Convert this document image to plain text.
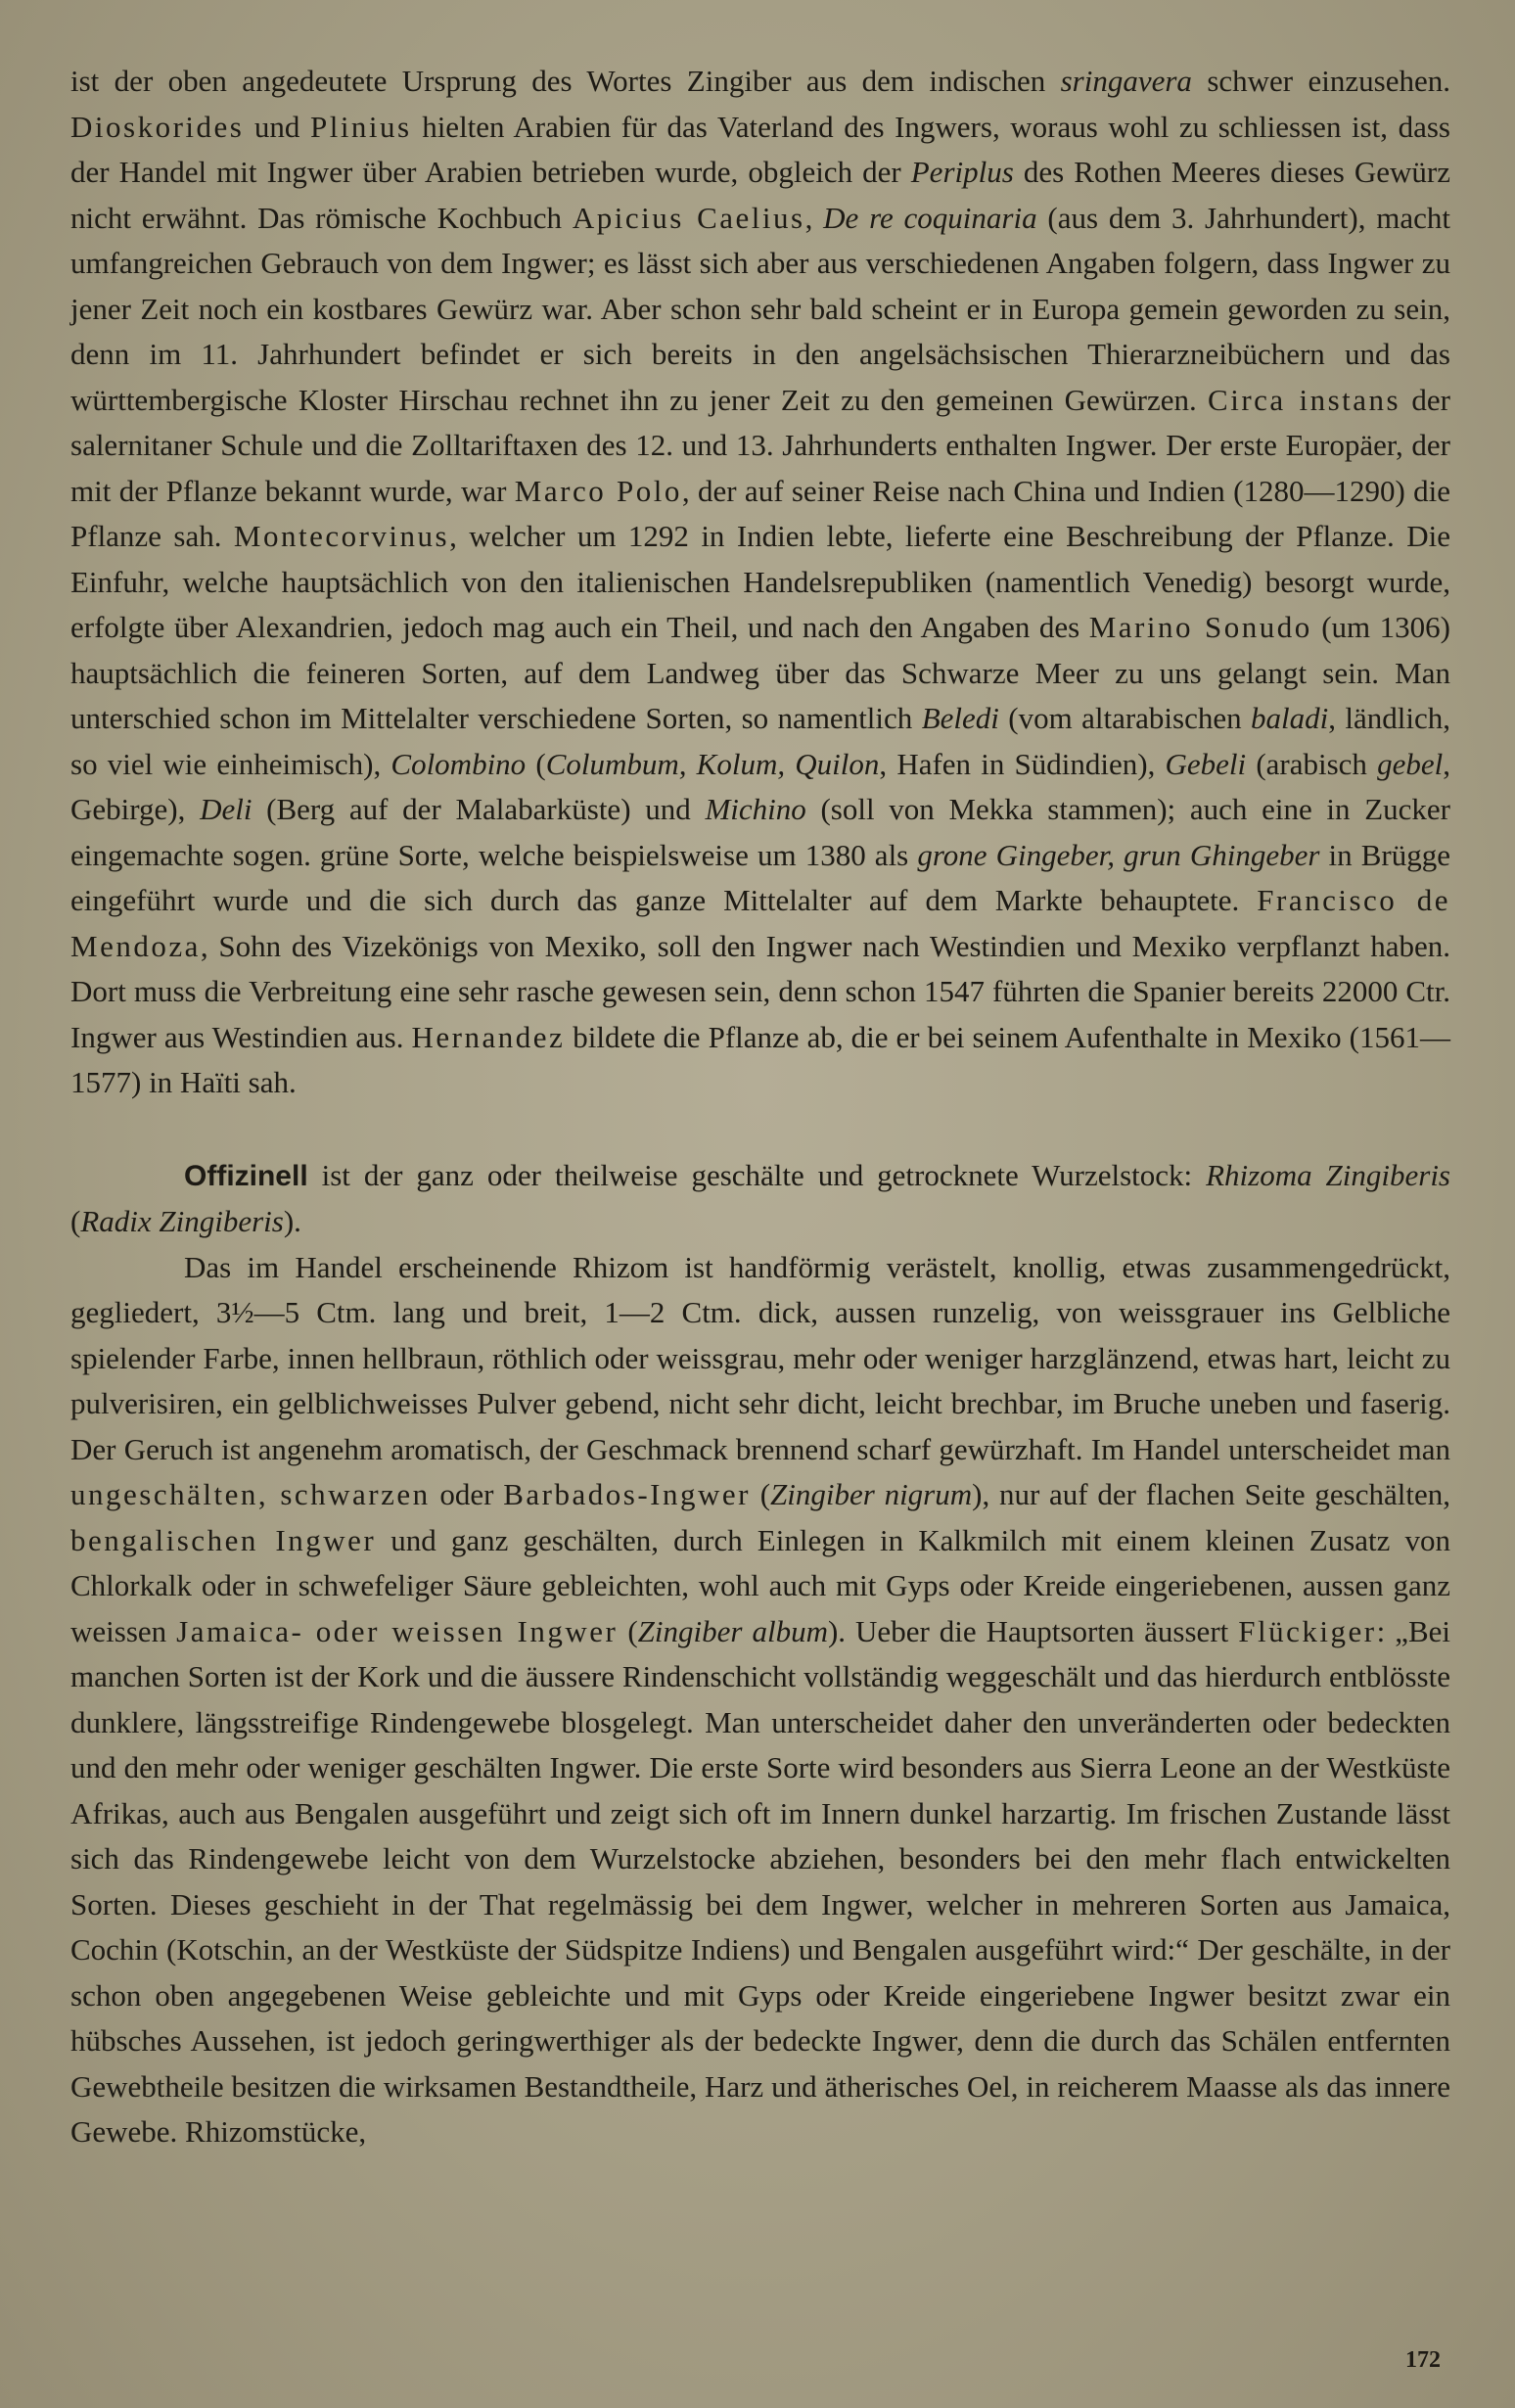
ist der oben angedeutete Ursprung des Wortes Zingiber aus dem indischen sringavera schwer einzusehen. Dioskorides und Plinius hielten Arabien für das Vaterland des Ingwers, woraus wohl zu schliessen ist, dass der Handel mit Ingwer über Arabien betrieben wurde, obgleich der Periplus des Rothen Meeres dieses Gewürz nicht erwähnt. Das römische Kochbuch Apicius Caelius, De re coquinaria (aus dem 3. Jahrhundert), macht umfangreichen Gebrauch von dem Ingwer; es lässt sich aber aus verschiedenen Angaben folgern, dass Ingwer zu jener Zeit noch ein kostbares Gewürz war. Aber schon sehr bald scheint er in Europa gemein geworden zu sein, denn im 11. Jahrhundert befindet er sich bereits in den angelsächsischen Thierarzneibüchern und das württembergische Kloster Hirschau rechnet ihn zu jener Zeit zu den gemeinen Gewürzen. Circa instans der salernitaner Schule und die Zolltariftaxen des 12. und 13. Jahrhunderts enthalten Ingwer. Der erste Europäer, der mit der Pflanze bekannt wurde, war Marco Polo, der auf seiner Reise nach China und Indien (1280—1290) die Pflanze sah. Montecorvinus, welcher um 1292 in Indien lebte, lieferte eine Beschreibung der Pflanze. Die Einfuhr, welche hauptsächlich von den italienischen Handelsrepubliken (namentlich Venedig) besorgt wurde, erfolgte über Alexandrien, jedoch mag auch ein Theil, und nach den Angaben des Marino Sonudo (um 1306) hauptsächlich die feineren Sorten, auf dem Landweg über das Schwarze Meer zu uns gelangt sein. Man unterschied schon im Mittelalter verschiedene Sorten, so namentlich Beledi (vom altarabischen baladi, ländlich, so viel wie einheimisch), Colombino (Columbum, Kolum, Quilon, Hafen in Südindien), Gebeli (arabisch gebel, Gebirge), Deli (Berg auf der Malabarküste) und Michino (soll von Mekka stammen); auch eine in Zucker eingemachte sogen. grüne Sorte, welche beispielsweise um 1380 als grone Gingeber, grun Ghingeber in Brügge eingeführt wurde und die sich durch das ganze Mittelalter auf dem Markte behauptete. Francisco de Mendoza, Sohn des Vizekönigs von Mexiko, soll den Ingwer nach Westindien und Mexiko verpflanzt haben. Dort muss die Verbreitung eine sehr rasche gewesen sein, denn schon 1547 führten die Spanier bereits 22000 Ctr. Ingwer aus Westindien aus. Hernandez bildete die Pflanze ab, die er bei seinem Aufenthalte in Mexiko (1561—1577) in Haïti sah.

Offizinell ist der ganz oder theilweise geschälte und getrocknete Wurzelstock: Rhizoma Zingiberis (Radix Zingiberis).

Das im Handel erscheinende Rhizom ist handförmig verästelt, knollig, etwas zusammengedrückt, gegliedert, 3½—5 Ctm. lang und breit, 1—2 Ctm. dick, aussen runzelig, von weissgrauer ins Gelbliche spielender Farbe, innen hellbraun, röthlich oder weissgrau, mehr oder weniger harzglänzend, etwas hart, leicht zu pulverisiren, ein gelblichweisses Pulver gebend, nicht sehr dicht, leicht brechbar, im Bruche uneben und faserig. Der Geruch ist angenehm aromatisch, der Geschmack brennend scharf gewürzhaft. Im Handel unterscheidet man ungeschälten, schwarzen oder Barbados-Ingwer (Zingiber nigrum), nur auf der flachen Seite geschälten, bengalischen Ingwer und ganz geschälten, durch Einlegen in Kalkmilch mit einem kleinen Zusatz von Chlorkalk oder in schwefeliger Säure gebleichten, wohl auch mit Gyps oder Kreide eingeriebenen, aussen ganz weissen Jamaica- oder weissen Ingwer (Zingiber album). Ueber die Hauptsorten äussert Flückiger: „Bei manchen Sorten ist der Kork und die äussere Rindenschicht vollständig weggeschält und das hierdurch entblösste dunklere, längsstreifige Rindengewebe blosgelegt. Man unterscheidet daher den unveränderten oder bedeckten und den mehr oder weniger geschälten Ingwer. Die erste Sorte wird besonders aus Sierra Leone an der Westküste Afrikas, auch aus Bengalen ausgeführt und zeigt sich oft im Innern dunkel harzartig. Im frischen Zustande lässt sich das Rindengewebe leicht von dem Wurzelstocke abziehen, besonders bei den mehr flach entwickelten Sorten. Dieses geschieht in der That regelmässig bei dem Ingwer, welcher in mehreren Sorten aus Jamaica, Cochin (Kotschin, an der Westküste der Südspitze Indiens) und Bengalen ausgeführt wird:“ Der geschälte, in der schon oben angegebenen Weise gebleichte und mit Gyps oder Kreide eingeriebene Ingwer besitzt zwar ein hübsches Aussehen, ist jedoch geringwerthiger als der bedeckte Ingwer, denn die durch das Schälen entfernten Gewebtheile besitzen die wirksamen Bestandtheile, Harz und ätherisches Oel, in reicherem Maasse als das innere Gewebe. Rhizomstücke,

172
